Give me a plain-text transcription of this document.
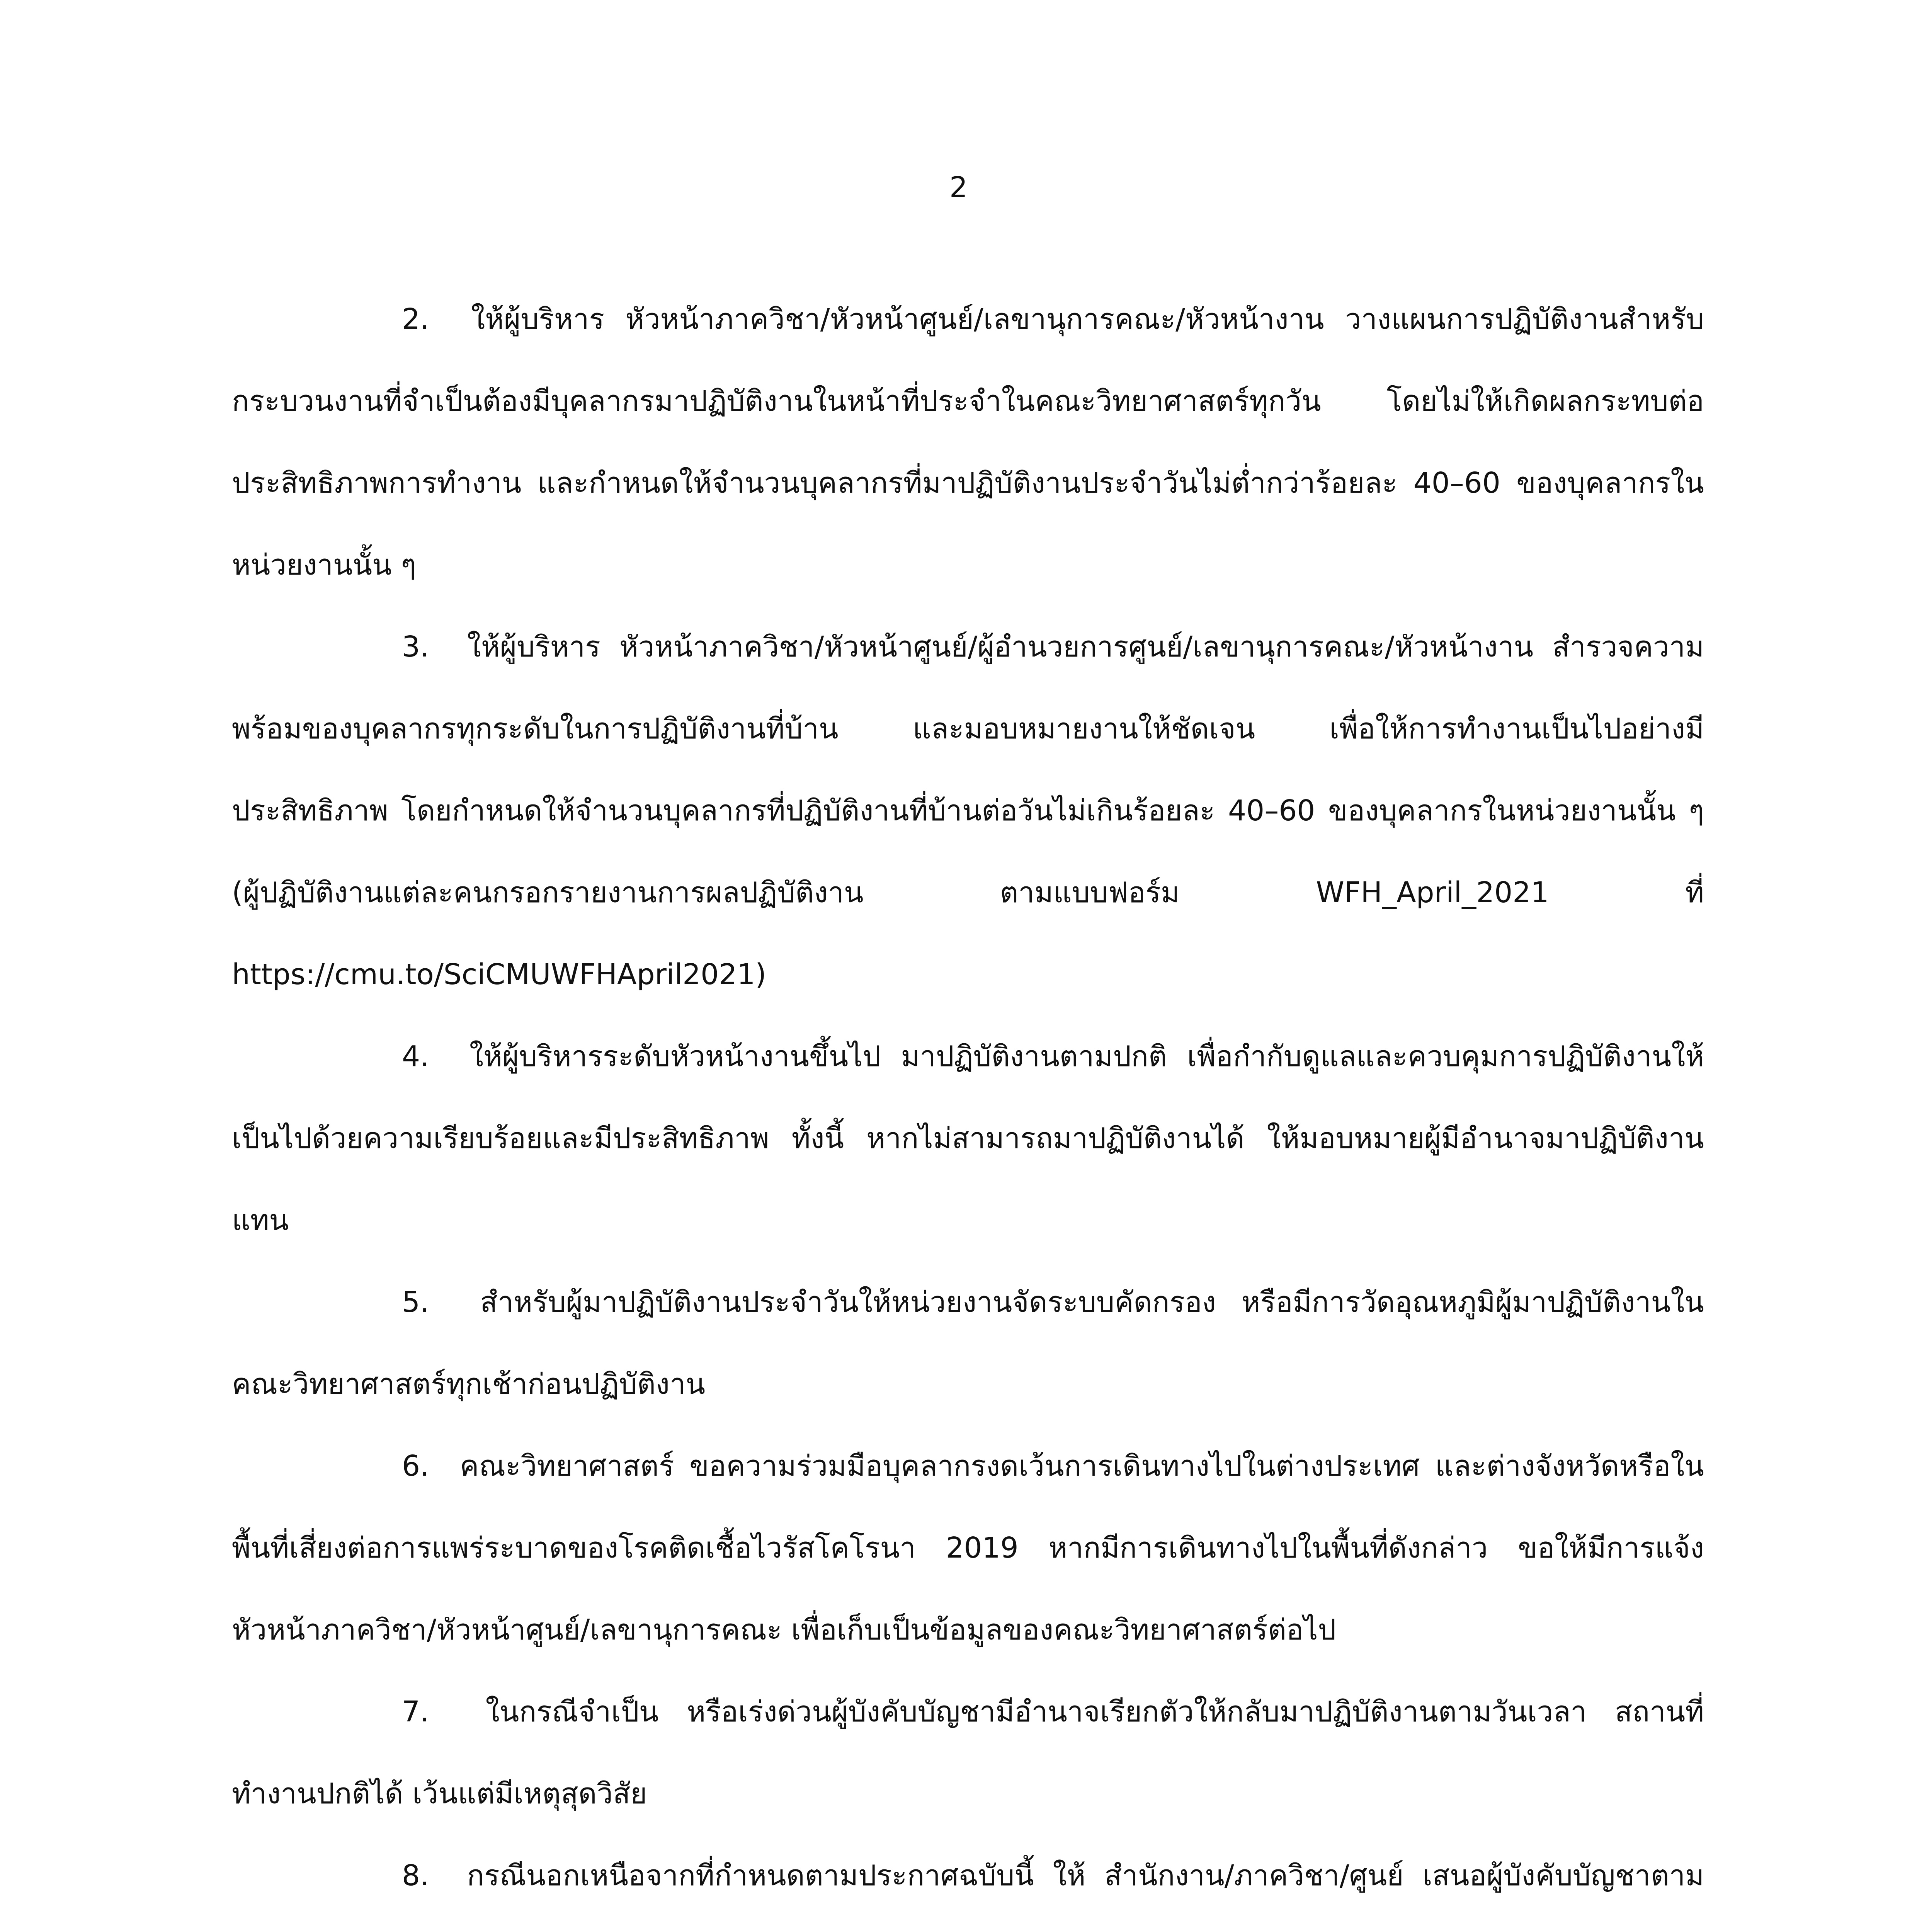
2

2. ให้ผู้บริหาร หัวหน้าภาควิชา/หัวหน้าศูนย์/เลขานุการคณะ/หัวหน้างาน วางแผนการปฏิบัติงานสำหรับกระบวนงานที่จำเป็นต้องมีบุคลากรมาปฏิบัติงานในหน้าที่ประจำในคณะวิทยาศาสตร์ทุกวัน โดยไม่ให้เกิดผลกระทบต่อประสิทธิภาพการทำงาน และกำหนดให้จำนวนบุคลากรที่มาปฏิบัติงานประจำวันไม่ต่ำกว่าร้อยละ 40–60 ของบุคลากรในหน่วยงานนั้น ๆ

3. ให้ผู้บริหาร หัวหน้าภาควิชา/หัวหน้าศูนย์/ผู้อำนวยการศูนย์/เลขานุการคณะ/หัวหน้างาน สำรวจความพร้อมของบุคลากรทุกระดับในการปฏิบัติงานที่บ้าน และมอบหมายงานให้ชัดเจน เพื่อให้การทำงานเป็นไปอย่างมีประสิทธิภาพ โดยกำหนดให้จำนวนบุคลากรที่ปฏิบัติงานที่บ้านต่อวันไม่เกินร้อยละ 40–60 ของบุคลากรในหน่วยงานนั้น ๆ (ผู้ปฏิบัติงานแต่ละคนกรอกรายงานการผลปฏิบัติงาน ตามแบบฟอร์ม WFH_April_2021 ที่ https://cmu.to/SciCMUWFHApril2021)

4. ให้ผู้บริหารระดับหัวหน้างานขึ้นไป มาปฏิบัติงานตามปกติ เพื่อกำกับดูแลและควบคุมการปฏิบัติงานให้เป็นไปด้วยความเรียบร้อยและมีประสิทธิภาพ ทั้งนี้ หากไม่สามารถมาปฏิบัติงานได้ ให้มอบหมายผู้มีอำนาจมาปฏิบัติงานแทน

5. สำหรับผู้มาปฏิบัติงานประจำวันให้หน่วยงานจัดระบบคัดกรอง หรือมีการวัดอุณหภูมิผู้มาปฏิบัติงานในคณะวิทยาศาสตร์ทุกเช้าก่อนปฏิบัติงาน

6. คณะวิทยาศาสตร์ ขอความร่วมมือบุคลากรงดเว้นการเดินทางไปในต่างประเทศ และต่างจังหวัดหรือในพื้นที่เสี่ยงต่อการแพร่ระบาดของโรคติดเชื้อไวรัสโคโรนา 2019 หากมีการเดินทางไปในพื้นที่ดังกล่าว ขอให้มีการแจ้งหัวหน้าภาควิชา/หัวหน้าศูนย์/เลขานุการคณะ เพื่อเก็บเป็นข้อมูลของคณะวิทยาศาสตร์ต่อไป

7. ในกรณีจำเป็น หรือเร่งด่วนผู้บังคับบัญชามีอำนาจเรียกตัวให้กลับมาปฏิบัติงานตามวันเวลา สถานที่ทำงานปกติได้ เว้นแต่มีเหตุสุดวิสัย

8. กรณีนอกเหนือจากที่กำหนดตามประกาศฉบับนี้ ให้ สำนักงาน/ภาควิชา/ศูนย์ เสนอผู้บังคับบัญชาตาม
